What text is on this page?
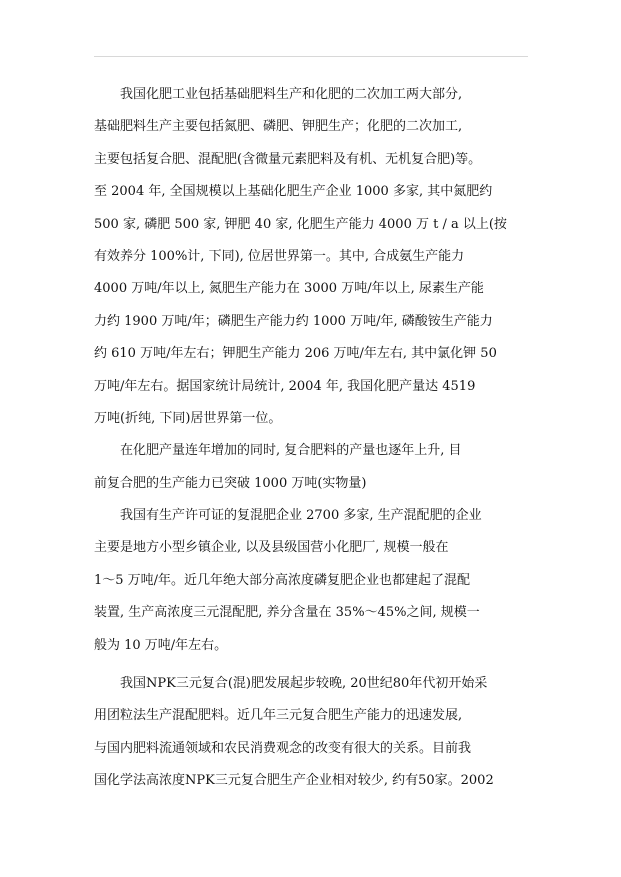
我国化肥工业包括基础肥料生产和化肥的二次加工两大部分,
基础肥料生产主要包括氮肥、磷肥、钾肥生产；化肥的二次加工,
主要包括复合肥、混配肥(含微量元素肥料及有机、无机复合肥)等。
至 2004 年, 全国规模以上基础化肥生产企业 1000 多家, 其中氮肥约
500 家, 磷肥 500 家, 钾肥 40 家, 化肥生产能力 4000 万 t / a 以上(按
有效养分 100%计, 下同), 位居世界第一。其中, 合成氨生产能力
4000 万吨/年以上, 氮肥生产能力在 3000 万吨/年以上, 尿素生产能
力约 1900 万吨/年；磷肥生产能力约 1000 万吨/年, 磷酸铵生产能力
约 610 万吨/年左右；钾肥生产能力 206 万吨/年左右, 其中氯化钾 50
万吨/年左右。据国家统计局统计, 2004 年, 我国化肥产量达 4519
万吨(折纯, 下同)居世界第一位。
在化肥产量连年增加的同时, 复合肥料的产量也逐年上升, 目
前复合肥的生产能力已突破 1000 万吨(实物量)
我国有生产许可证的复混肥企业 2700 多家, 生产混配肥的企业
主要是地方小型乡镇企业, 以及县级国营小化肥厂, 规模一般在
1～5 万吨/年。近几年绝大部分高浓度磷复肥企业也都建起了混配
装置, 生产高浓度三元混配肥, 养分含量在 35%～45%之间, 规模一
般为 10 万吨/年左右。
我国NPK三元复合(混)肥发展起步较晚, 20世纪80年代初开始采
用团粒法生产混配肥料。近几年三元复合肥生产能力的迅速发展,
与国内肥料流通领域和农民消费观念的改变有很大的关系。目前我
国化学法高浓度NPK三元复合肥生产企业相对较少, 约有50家。2002
